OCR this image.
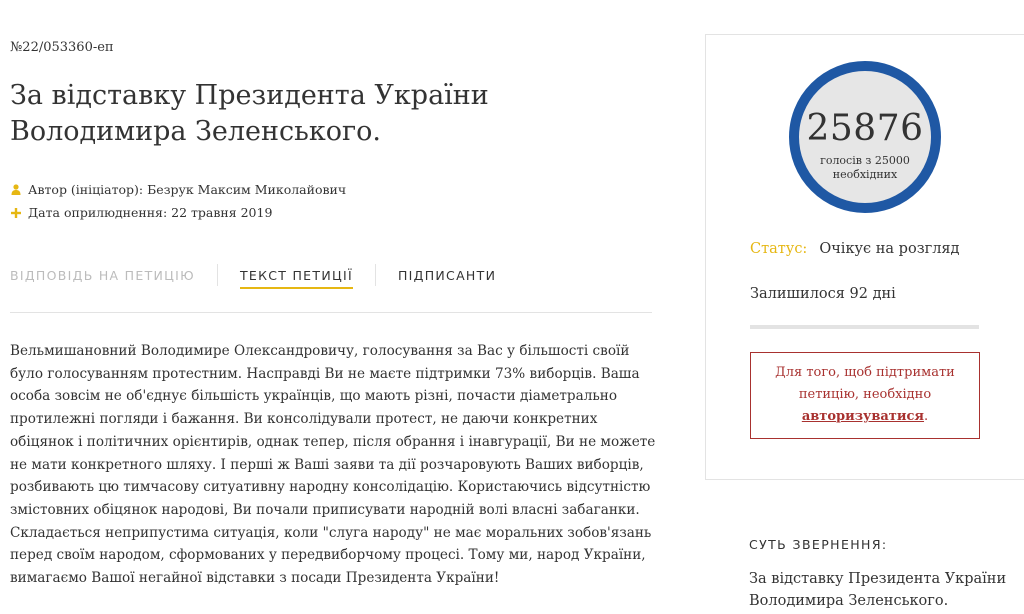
№22/053360-еп
За відставку Президента України Володимира Зеленського.
Автор (ініціатор): Безрук Максим Миколайович
Дата оприлюднення: 22 травня 2019
ВІДПОВІДЬ НА ПЕТИЦІЮ	ТЕКСТ ПЕТИЦІЇ	ПІДПИСАНТИ

Вельмишановний Володимире Олександровичу, голосування за Вас у більшості своїй було голосуванням протестним. Насправді Ви не маєте підтримки 73% виборців. Ваша особа зовсім не об'єднує більшість українців, що мають різні, почасти діаметрально протилежні погляди і бажання. Ви консолідували протест, не даючи конкретних обіцянок і політичних орієнтирів, однак тепер, після обрання і інавгурації, Ви не можете не мати конкретного шляху. І перші ж Ваші заяви та дії розчаровують Ваших виборців, розбивають цю тимчасову ситуативну народну консолідацію. Користаючись відсутністю змістовних обіцянок народові, Ви почали приписувати народній волі власні забаганки. Складається неприпустима ситуація, коли "слуга народу" не має моральних зобов'язань перед своїм народом, сформованих у передвиборчому процесі. Тому ми, народ України, вимагаємо Вашої негайної відставки з посади Президента України!

25876
голосів з 25000 необхідних
Статус: Очікує на розгляд
Залишилося 92 дні
Для того, щоб підтримати петицію, необхідно
авторизуватися.
СУТЬ ЗВЕРНЕННЯ:
За відставку Президента України Володимира Зеленського.
